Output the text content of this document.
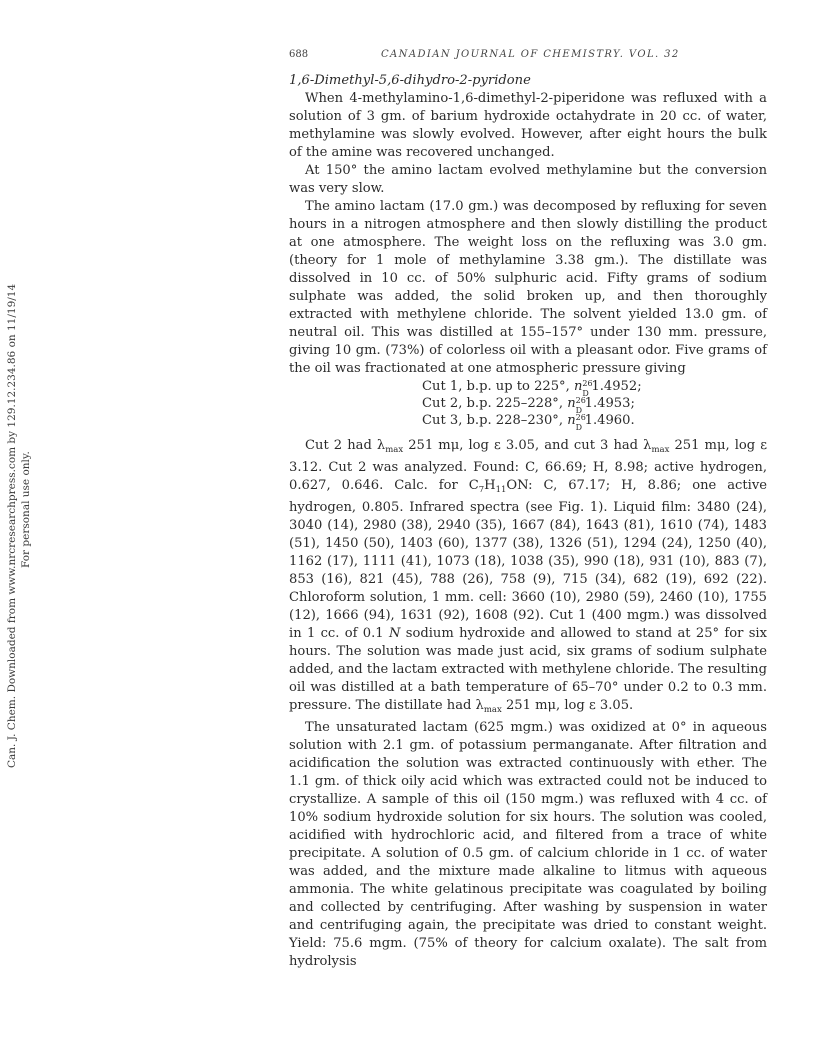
Can. J. Chem. Downloaded from www.nrcresearchpress.com by 129.12.234.86 on 11/19/14 For personal use only.
688	CANADIAN JOURNAL OF CHEMISTRY. VOL. 32
1,6-Dimethyl-5,6-dihydro-2-pyridone

When 4-methylamino-1,6-dimethyl-2-piperidone was refluxed with a solution of 3 gm. of barium hydroxide octahydrate in 20 cc. of water, methylamine was slowly evolved. However, after eight hours the bulk of the amine was recovered unchanged.

At 150° the amino lactam evolved methylamine but the conversion was very slow.

The amino lactam (17.0 gm.) was decomposed by refluxing for seven hours in a nitrogen atmosphere and then slowly distilling the product at one atmosphere. The weight loss on the refluxing was 3.0 gm. (theory for 1 mole of methylamine 3.38 gm.). The distillate was dissolved in 10 cc. of 50% sulphuric acid. Fifty grams of sodium sulphate was added, the solid broken up, and then thoroughly extracted with methylene chloride. The solvent yielded 13.0 gm. of neutral oil. This was distilled at 155–157° under 130 mm. pressure, giving 10 gm. (73%) of colorless oil with a pleasant odor. Five grams of the oil was fractionated at one atmospheric pressure giving

Cut 1, b.p. up to 225°, n 26
D 1.4952;
Cut 2, b.p. 225–228°, n 26
D 1.4953;
Cut 3, b.p. 228–230°, n 26
D 1.4960.

Cut 2 had $\lambda_{max}$ 251 mμ, log ε 3.05, and cut 3 had $\lambda_{max}$ 251 mμ, log ε 3.12. Cut 2 was analyzed. Found: C, 66.69; H, 8.98; active hydrogen, 0.627, 0.646. Calc. for $C_7H_{11}ON$: C, 67.17; H, 8.86; one active hydrogen, 0.805. Infrared spectra (see Fig. 1). Liquid film: 3480 (24), 3040 (14), 2980 (38), 2940 (35), 1667 (84), 1643 (81), 1610 (74), 1483 (51), 1450 (50), 1403 (60), 1377 (38), 1326 (51), 1294 (24), 1250 (40), 1162 (17), 1111 (41), 1073 (18), 1038 (35), 990 (18), 931 (10), 883 (7), 853 (16), 821 (45), 788 (26), 758 (9), 715 (34), 682 (19), 692 (22). Chloroform solution, 1 mm. cell: 3660 (10), 2980 (59), 2460 (10), 1755 (12), 1666 (94), 1631 (92), 1608 (92). Cut 1 (400 mgm.) was dissolved in 1 cc. of 0.1 N sodium hydroxide and allowed to stand at 25° for six hours. The solution was made just acid, six grams of sodium sulphate added, and the lactam extracted with methylene chloride. The resulting oil was distilled at a bath temperature of 65–70° under 0.2 to 0.3 mm. pressure. The distillate had $\lambda_{max}$ 251 mμ, log ε 3.05.

The unsaturated lactam (625 mgm.) was oxidized at 0° in aqueous solution with 2.1 gm. of potassium permanganate. After filtration and acidification the solution was extracted continuously with ether. The 1.1 gm. of thick oily acid which was extracted could not be induced to crystallize. A sample of this oil (150 mgm.) was refluxed with 4 cc. of 10% sodium hydroxide solution for six hours. The solution was cooled, acidified with hydrochloric acid, and filtered from a trace of white precipitate. A solution of 0.5 gm. of calcium chloride in 1 cc. of water was added, and the mixture made alkaline to litmus with aqueous ammonia. The white gelatinous precipitate was coagulated by boiling and collected by centrifuging. After washing by suspension in water and centrifuging again, the precipitate was dried to constant weight. Yield: 75.6 mgm. (75% of theory for calcium oxalate). The salt from hydrolysis
